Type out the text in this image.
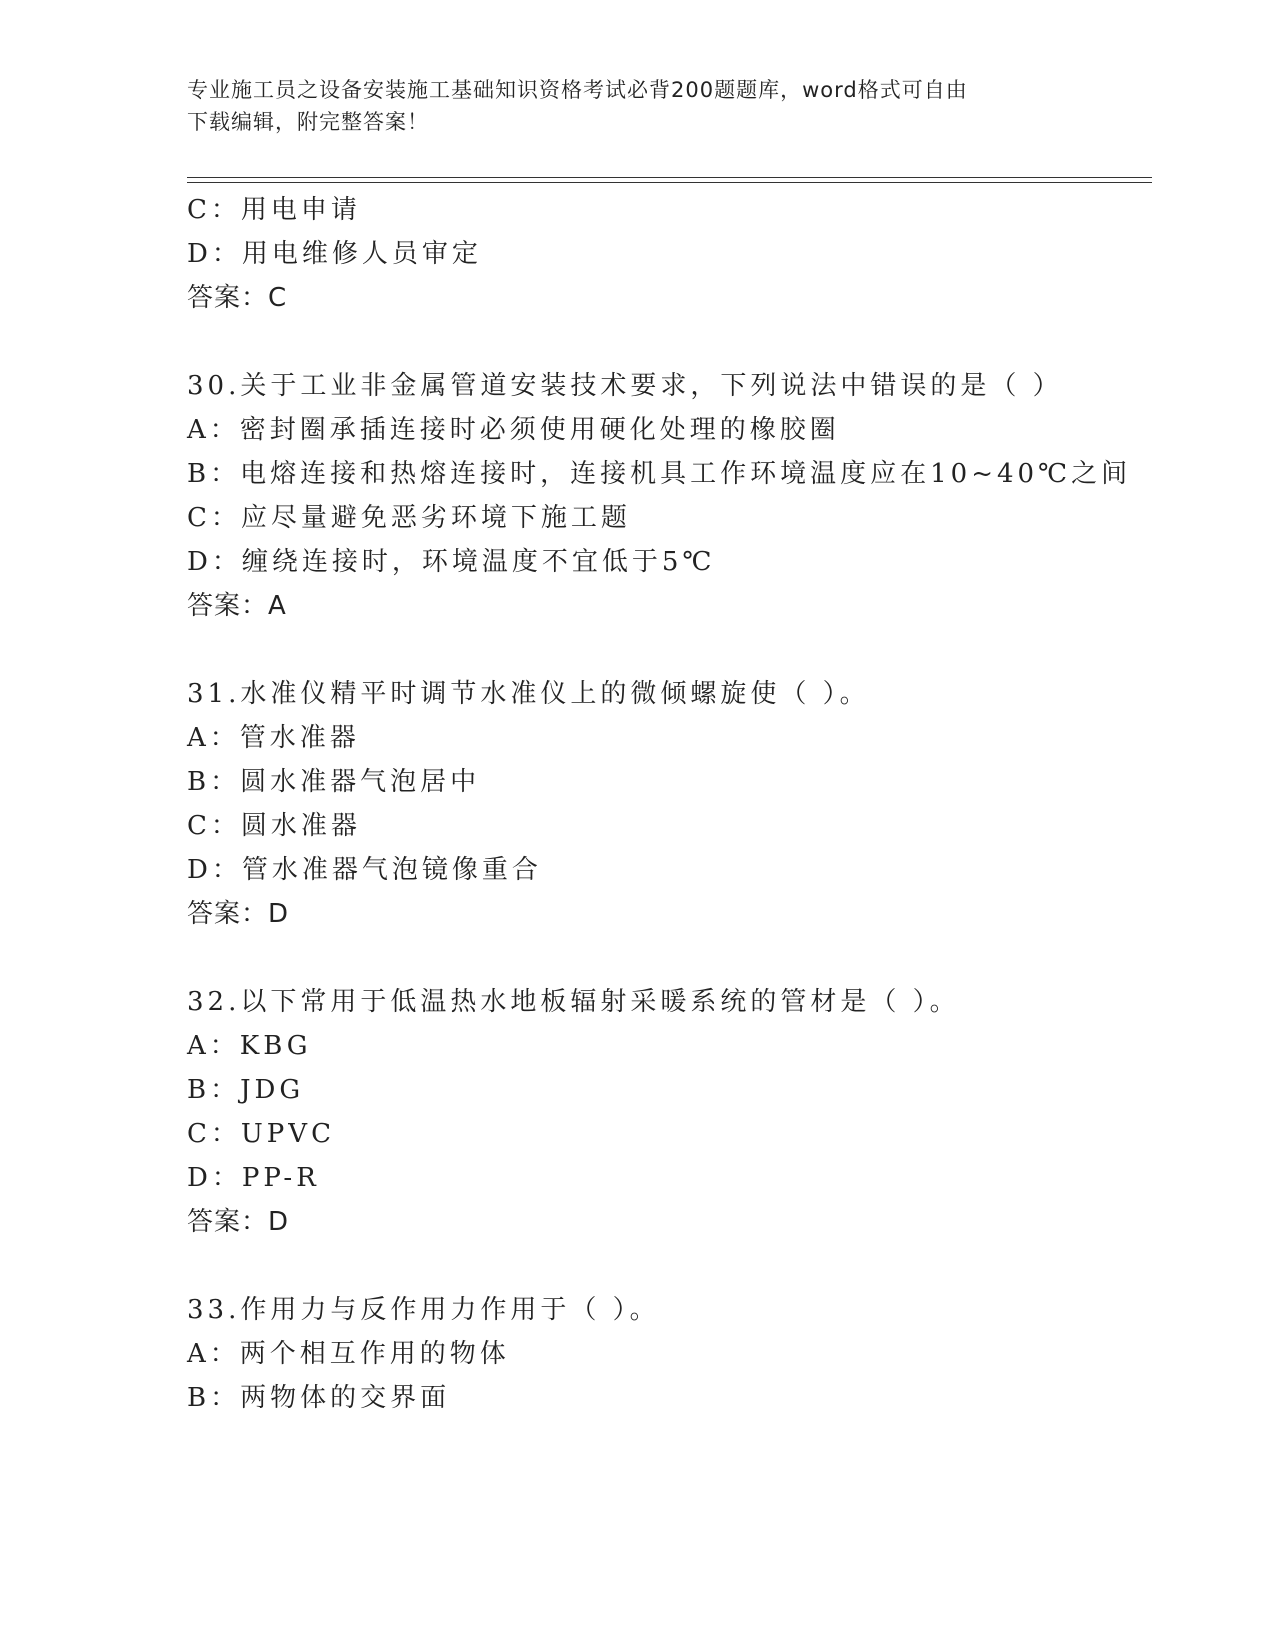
专业施工员之设备安装施工基础知识资格考试必背200题题库，word格式可自由
下载编辑，附完整答案！
C：用电申请
D：用电维修人员审定
答案：C
30.关于工业非金属管道安装技术要求，下列说法中错误的是（ ）
A：密封圈承插连接时必须使用硬化处理的橡胶圈
B：电熔连接和热熔连接时，连接机具工作环境温度应在10~40℃之间
C：应尽量避免恶劣环境下施工题
D：缠绕连接时，环境温度不宜低于5℃
答案：A
31.水准仪精平时调节水准仪上的微倾螺旋使（ ）。
A：管水准器
B：圆水准器气泡居中
C：圆水准器
D：管水准器气泡镜像重合
答案：D
32.以下常用于低温热水地板辐射采暖系统的管材是（ ）。
A：KBG
B：JDG
C：UPVC
D：PP-R
答案：D
33.作用力与反作用力作用于（ ）。
A：两个相互作用的物体
B：两物体的交界面
